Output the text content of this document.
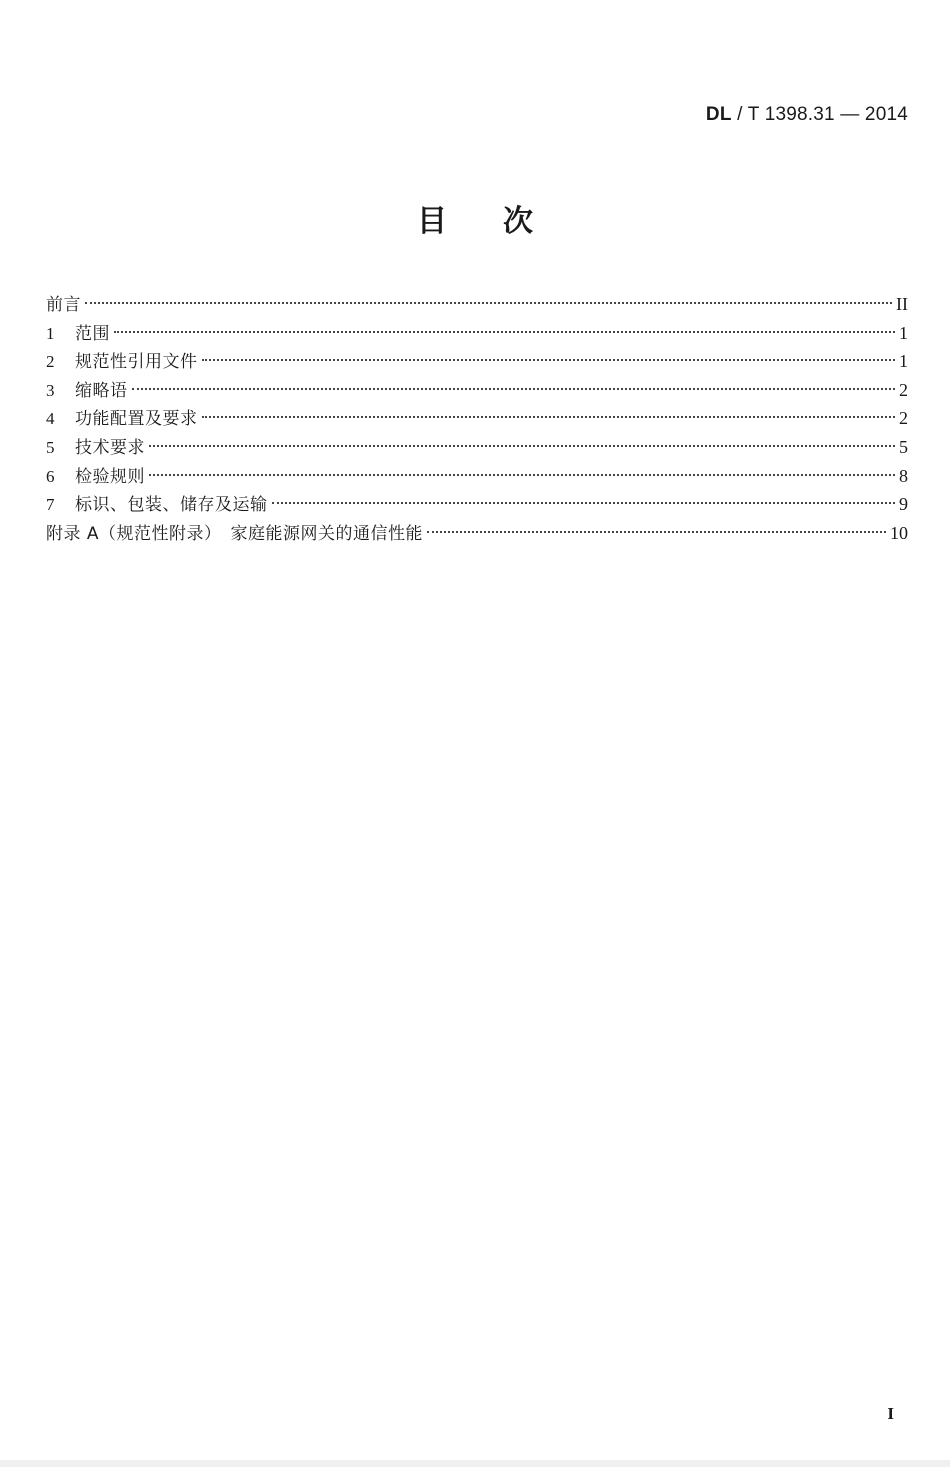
DL / T 1398.31 — 2014
目次
前言	II
1	范围	1
2	规范性引用文件	1
3	缩略语	2
4	功能配置及要求	2
5	技术要求	5
6	检验规则	8
7	标识、包装、储存及运输	9
附录 A（规范性附录）　家庭能源网关的通信性能	10
I
